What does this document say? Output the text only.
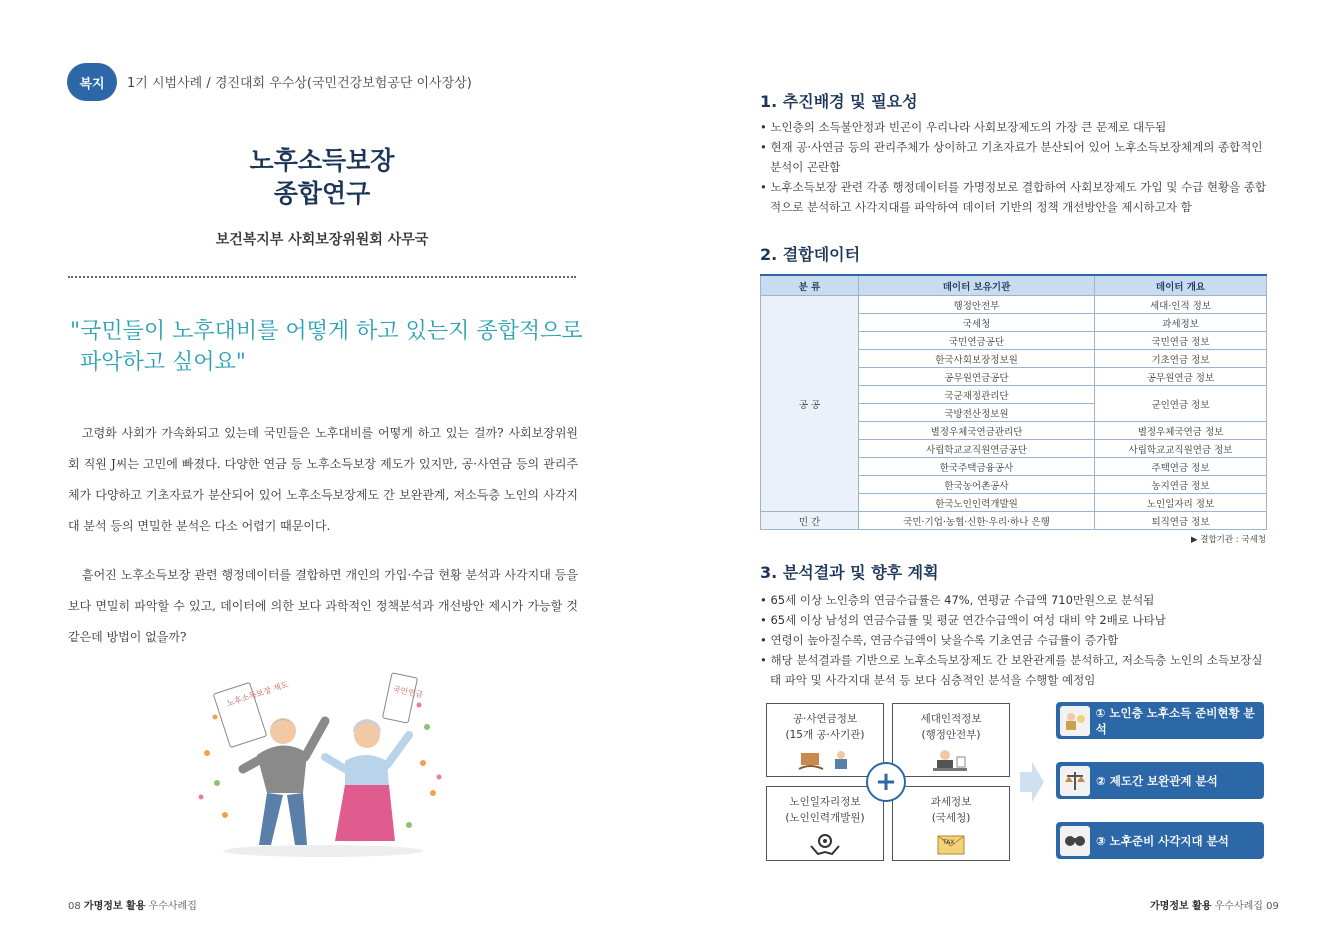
복지	1기 시범사례 / 경진대회 우수상(국민건강보험공단 이사장상)
노후소득보장
종합연구
보건복지부 사회보장위원회 사무국
"국민들이 노후대비를 어떻게 하고 있는지 종합적으로
파악하고 싶어요"
고령화 사회가 가속화되고 있는데 국민들은 노후대비를 어떻게 하고 있는 걸까? 사회보장위원회 직원 J씨는 고민에 빠졌다. 다양한 연금 등 노후소득보장 제도가 있지만, 공·사연금 등의 관리주체가 다양하고 기초자료가 분산되어 있어 노후소득보장제도 간 보완관계, 저소득층 노인의 사각지대 분석 등의 면밀한 분석은 다소 어렵기 때문이다.
흩어진 노후소득보장 관련 행정데이터를 결합하면 개인의 가입·수급 현황 분석과 사각지대 등을 보다 면밀히 파악할 수 있고, 데이터에 의한 보다 과학적인 정책분석과 개선방안 제시가 가능할 것 같은데 방법이 없을까?
노후소득보장 제도	국민연금
08 가명정보 활용 우수사례집
1. 추진배경 및 필요성
• 노인층의 소득불안정과 빈곤이 우리나라 사회보장제도의 가장 큰 문제로 대두됨
• 현재 공·사연금 등의 관리주체가 상이하고 기초자료가 분산되어 있어 노후소득보장체계의 종합적인 분석이 곤란함
• 노후소득보장 관련 각종 행정데이터를 가명정보로 결합하여 사회보장제도 가입 및 수급 현황을 종합적으로 분석하고 사각지대를 파악하여 데이터 기반의 정책 개선방안을 제시하고자 함
2. 결합데이터
분 류	데이터 보유기관	데이터 개요
공 공	행정안전부	세대·인적 정보
	국세청	과세정보
	국민연금공단	국민연금 정보
	한국사회보장정보원	기초연금 정보
	공무원연금공단	공무원연금 정보
	국군재정관리단	군인연금 정보
	국방전산정보원	
	별정우체국연금관리단	별정우체국연금 정보
	사립학교교직원연금공단	사립학교교직원연금 정보
	한국주택금융공사	주택연금 정보
	한국농어촌공사	농지연금 정보
	한국노인인력개발원	노인일자리 정보
민 간	국민·기업·농협·신한·우리·하나 은행	퇴직연금 정보
▶ 결합기관 : 국세청
3. 분석결과 및 향후 계획
• 65세 이상 노인층의 연금수급률은 47%, 연평균 수급액 710만원으로 분석됨
• 65세 이상 남성의 연금수급률 및 평균 연간수급액이 여성 대비 약 2배로 나타남
• 연령이 높아질수록, 연금수급액이 낮을수록 기초연금 수급률이 증가함
• 해당 분석결과를 기반으로 노후소득보장제도 간 보완관계를 분석하고, 저소득층 노인의 소득보장실태 파악 및 사각지대 분석 등 보다 심층적인 분석을 수행할 예정임
공·사연금정보
(15개 공·사기관)
세대인적정보
(행정안전부)
노인일자리정보
(노인인력개발원)
과세정보
(국세청)
TAX
+
① 노인층 노후소득 준비현황 분석
② 제도간 보완관계 분석
③ 노후준비 사각지대 분석
가명정보 활용 우수사례집 09
